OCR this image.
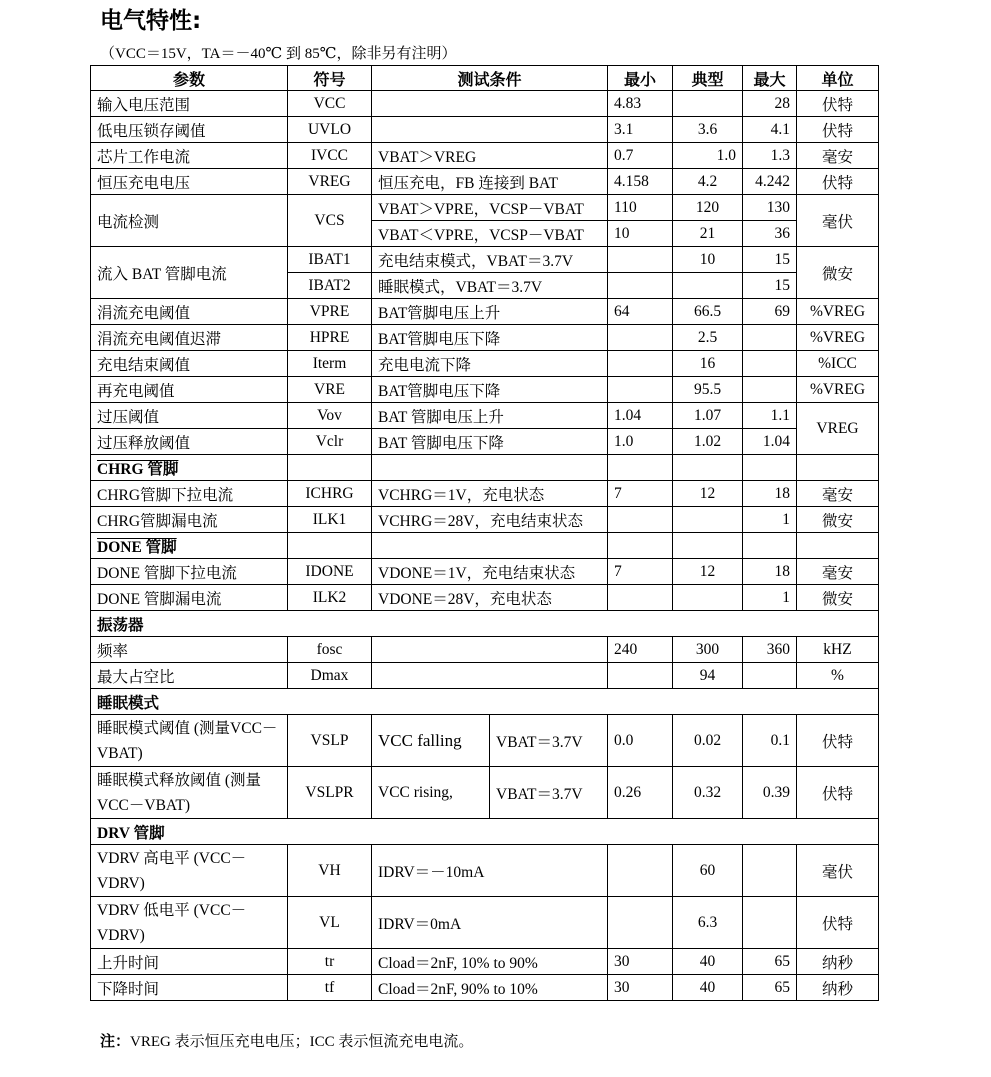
电气特性:
（VCC＝15V，TA＝－40℃ 到 85℃，除非另有注明）
参数	符号	测试条件		最小	典型	最大	单位
输入电压范围	VCC			4.83		28	伏特
低电压锁存阈值	UVLO			3.1	3.6	4.1	伏特
芯片工作电流	IVCC	VBAT＞VREG		0.7	1.0	1.3	毫安
恒压充电电压	VREG	恒压充电，FB 连接到 BAT		4.158	4.2	4.242	伏特
电流检测	VCS	VBAT＞VPRE，VCSP－VBAT		110	120	130	毫伏
		VBAT＜VPRE，VCSP－VBAT		10	21	36	
流入 BAT 管脚电流	IBAT1	充电结束模式，VBAT＝3.7V			10	15	微安
	IBAT2	睡眠模式，VBAT＝3.7V				15	
涓流充电阈值	VPRE	BAT管脚电压上升		64	66.5	69	%VREG
涓流充电阈值迟滞	HPRE	BAT管脚电压下降			2.5		%VREG
充电结束阈值	Iterm	充电电流下降			16		%ICC
再充电阈值	VRE	BAT管脚电压下降			95.5		%VREG
过压阈值	Vov	BAT 管脚电压上升		1.04	1.07	1.1	VREG
过压释放阈值	Vclr	BAT 管脚电压下降		1.0	1.02	1.04	
CHRG 管脚							
CHRG管脚下拉电流	ICHRG	VCHRG＝1V，充电状态		7	12	18	毫安
CHRG管脚漏电流	ILK1	VCHRG＝28V，充电结束状态				1	微安
DONE 管脚							
DONE 管脚下拉电流	IDONE	VDONE＝1V，充电结束状态		7	12	18	毫安
DONE 管脚漏电流	ILK2	VDONE＝28V，充电状态				1	微安
振荡器							
频率	fosc			240	300	360	kHZ
最大占空比	Dmax				94		%
睡眠模式							
睡眠模式阈值 (测量VCC－VBAT)	VSLP	VCC falling	VBAT＝3.7V	0.0	0.02	0.1	伏特
睡眠模式释放阈值 (测量VCC－VBAT)	VSLPR	VCC rising,	VBAT＝3.7V	0.26	0.32	0.39	伏特
DRV 管脚							
VDRV 高电平 (VCC－VDRV)	VH	IDRV＝－10mA			60		毫伏
VDRV 低电平 (VCC－VDRV)	VL	IDRV＝0mA			6.3		伏特
上升时间	tr	Cload＝2nF, 10% to 90%		30	40	65	纳秒
下降时间	tf	Cload＝2nF, 90% to 10%		30	40	65	纳秒
注：VREG 表示恒压充电电压；ICC 表示恒流充电电流。
